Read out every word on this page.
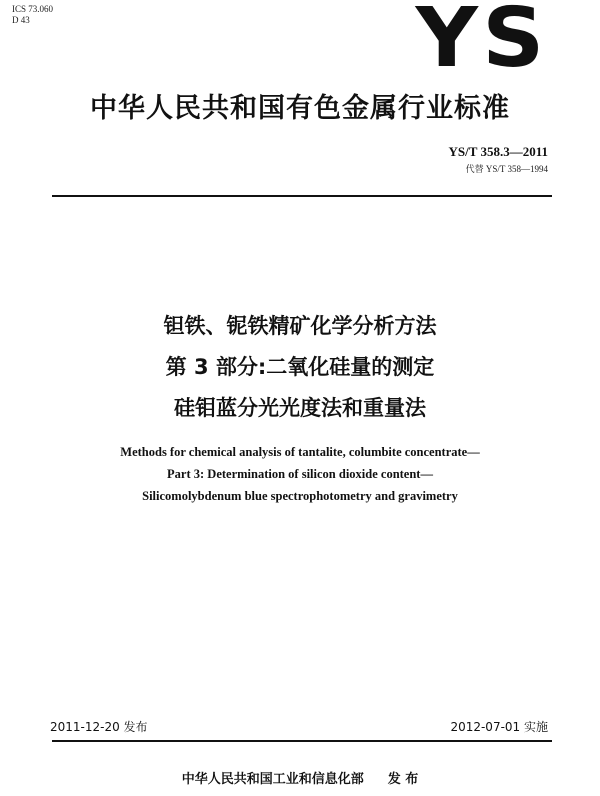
ICS 73.060
D 43	YS
中华人民共和国有色金属行业标准
YS/T 358.3—2011
代替 YS/T 358—1994
钽铁、铌铁精矿化学分析方法
第 3 部分:二氧化硅量的测定
硅钼蓝分光光度法和重量法
Methods for chemical analysis of tantalite, columbite concentrate—
Part 3: Determination of silicon dioxide content—
Silicomolybdenum blue spectrophotometry and gravimetry
2011-12-20 发布	2012-07-01 实施
中华人民共和国工业和信息化部 发 布
